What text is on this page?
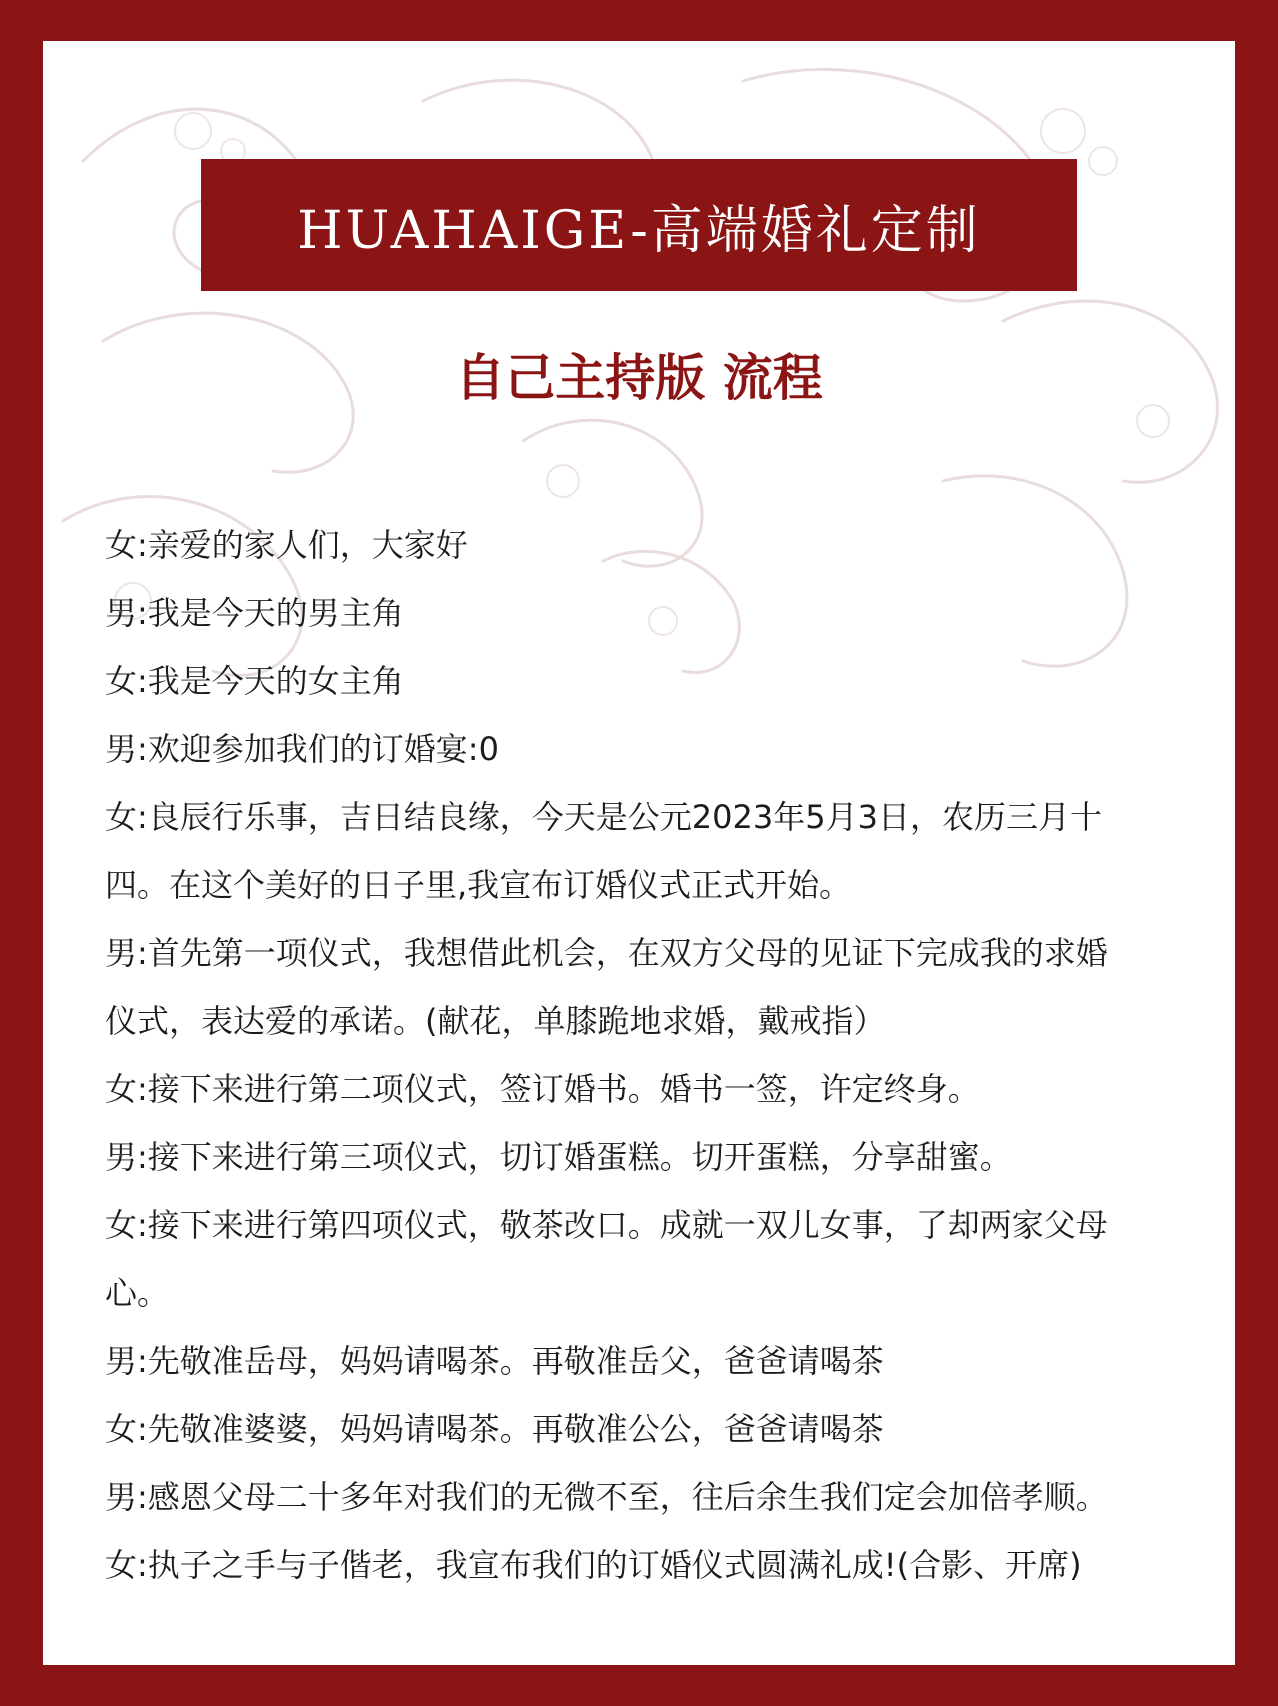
HUAHAIGE-高端婚礼定制
自己主持版 流程

女:亲爱的家人们，大家好

男:我是今天的男主角

女:我是今天的女主角

男:欢迎参加我们的订婚宴:0

女:良辰行乐事，吉日结良缘，今天是公元2023年5月3日，农历三月十

四。在这个美好的日子里,我宣布订婚仪式正式开始。

男:首先第一项仪式，我想借此机会，在双方父母的见证下完成我的求婚

仪式，表达爱的承诺。(献花，单膝跪地求婚，戴戒指）

女:接下来进行第二项仪式，签订婚书。婚书一签，许定终身。

男:接下来进行第三项仪式，切订婚蛋糕。切开蛋糕，分享甜蜜。

女:接下来进行第四项仪式，敬茶改口。成就一双儿女事，了却两家父母

心。

男:先敬准岳母，妈妈请喝茶。再敬准岳父，爸爸请喝茶

女:先敬准婆婆，妈妈请喝茶。再敬准公公，爸爸请喝茶

男:感恩父母二十多年对我们的无微不至，往后余生我们定会加倍孝顺。

女:执子之手与子偕老，我宣布我们的订婚仪式圆满礼成!(合影、开席)
